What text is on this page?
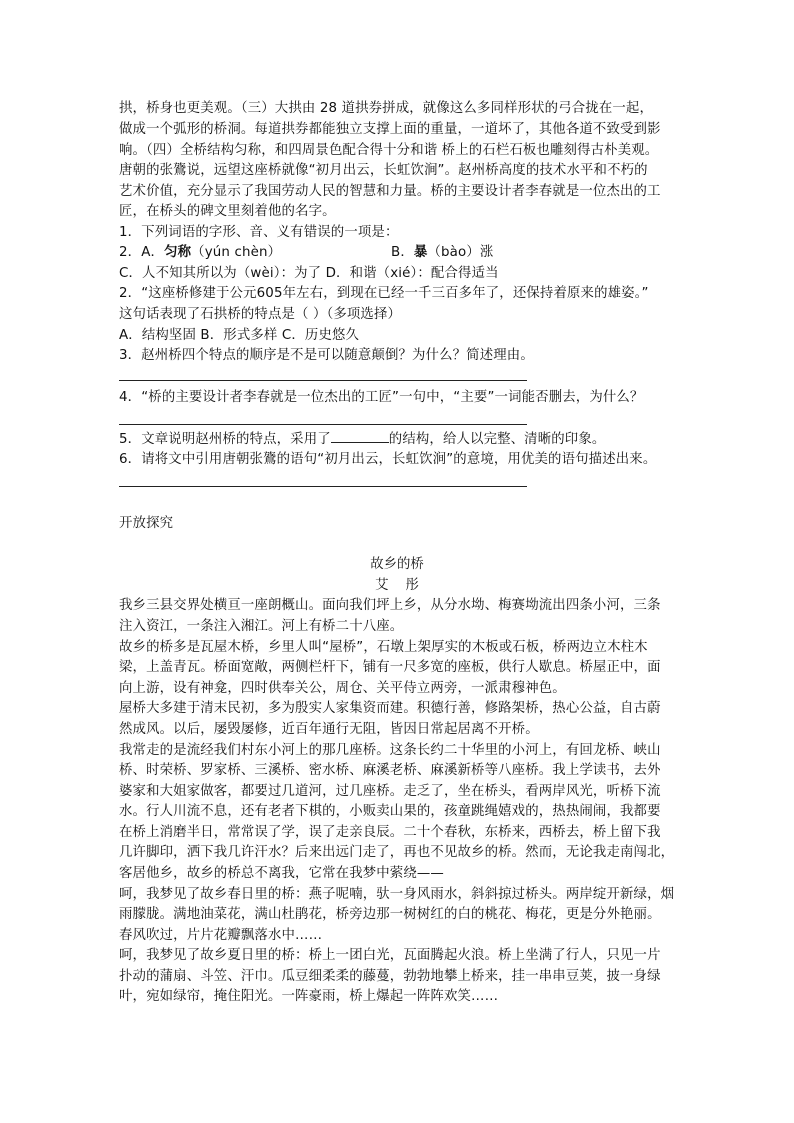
拱，桥身也更美观。（三）大拱由 28 道拱券拼成，就像这么多同样形状的弓合拢在一起，
做成一个弧形的桥洞。每道拱券都能独立支撑上面的重量，一道坏了，其他各道不致受到影
响。（四）全桥结构匀称，和四周景色配合得十分和谐 桥上的石栏石板也雕刻得古朴美观。
唐朝的张鷟说，远望这座桥就像“初月出云，长虹饮涧”。赵州桥高度的技术水平和不朽的
艺术价值，充分显示了我国劳动人民的智慧和力量。桥的主要设计者李春就是一位杰出的工
匠，在桥头的碑文里刻着他的名字。
1．下列词语的字形、音、义有错误的一项是：
2．A．匀称（yún chèn）	B．暴（bào）涨
C．人不知其所以为（wèi）：为了 D．和谐（xié）：配合得适当
2．“这座桥修建于公元605年左右，到现在已经一千三百多年了，还保持着原来的雄姿。”
这句话表现了石拱桥的特点是（ ）（多项选择）
A．结构坚固 B．形式多样 C．历史悠久
3．赵州桥四个特点的顺序是不是可以随意颠倒？为什么？简述理由。
4．“桥的主要设计者李春就是一位杰出的工匠”一句中，“主要”一词能否删去，为什么？
5．文章说明赵州桥的特点，采用了	的结构，给人以完整、清晰的印象。
6．请将文中引用唐朝张鷟的语句“初月出云，长虹饮涧”的意境，用优美的语句描述出来。
开放探究
故乡的桥
艾    彤
我乡三县交界处横亘一座朗概山。面向我们坪上乡，从分水坳、梅赛坳流出四条小河，三条
注入资江，一条注入湘江。河上有桥二十八座。
故乡的桥多是瓦屋木桥，乡里人叫“屋桥”，石墩上架厚实的木板或石板，桥两边立木柱木
梁，上盖青瓦。桥面宽敞，两侧栏杆下，铺有一尺多宽的座板，供行人歇息。桥屋正中，面
向上游，设有神龛，四时供奉关公，周仓、关平侍立两旁，一派肃穆神色。
屋桥大多建于清末民初，多为殷实人家集资而建。积德行善，修路架桥，热心公益，自古蔚
然成风。以后，屡毁屡修，近百年通行无阻，皆因日常起居离不开桥。
我常走的是流经我们村东小河上的那几座桥。这条长约二十华里的小河上，有回龙桥、峡山
桥、时荣桥、罗家桥、三溪桥、密水桥、麻溪老桥、麻溪新桥等八座桥。我上学读书，去外
婆家和大姐家做客，都要过几道河，过几座桥。走乏了，坐在桥头，看两岸风光，听桥下流
水。行人川流不息，还有老者下棋的，小贩卖山果的，孩童跳绳嬉戏的，热热闹闹，我都要
在桥上消磨半日，常常误了学，误了走亲良辰。二十个春秋，东桥来，西桥去，桥上留下我
几许脚印，洒下我几许汗水？后来出远门走了，再也不见故乡的桥。然而，无论我走南闯北，
客居他乡，故乡的桥总不离我，它常在我梦中萦绕——
呵，我梦见了故乡春日里的桥：燕子呢喃，驮一身风雨水，斜斜掠过桥头。两岸绽开新绿，烟
雨朦胧。满地油菜花，满山杜鹃花，桥旁边那一树树红的白的桃花、梅花，更是分外艳丽。
春风吹过，片片花瓣飘落水中……
呵，我梦见了故乡夏日里的桥：桥上一团白光，瓦面腾起火浪。桥上坐满了行人，只见一片
扑动的蒲扇、斗笠、汗巾。瓜豆细柔柔的藤蔓，勃勃地攀上桥来，挂一串串豆荚，披一身绿
叶，宛如绿帘，掩住阳光。一阵豪雨，桥上爆起一阵阵欢笑……
